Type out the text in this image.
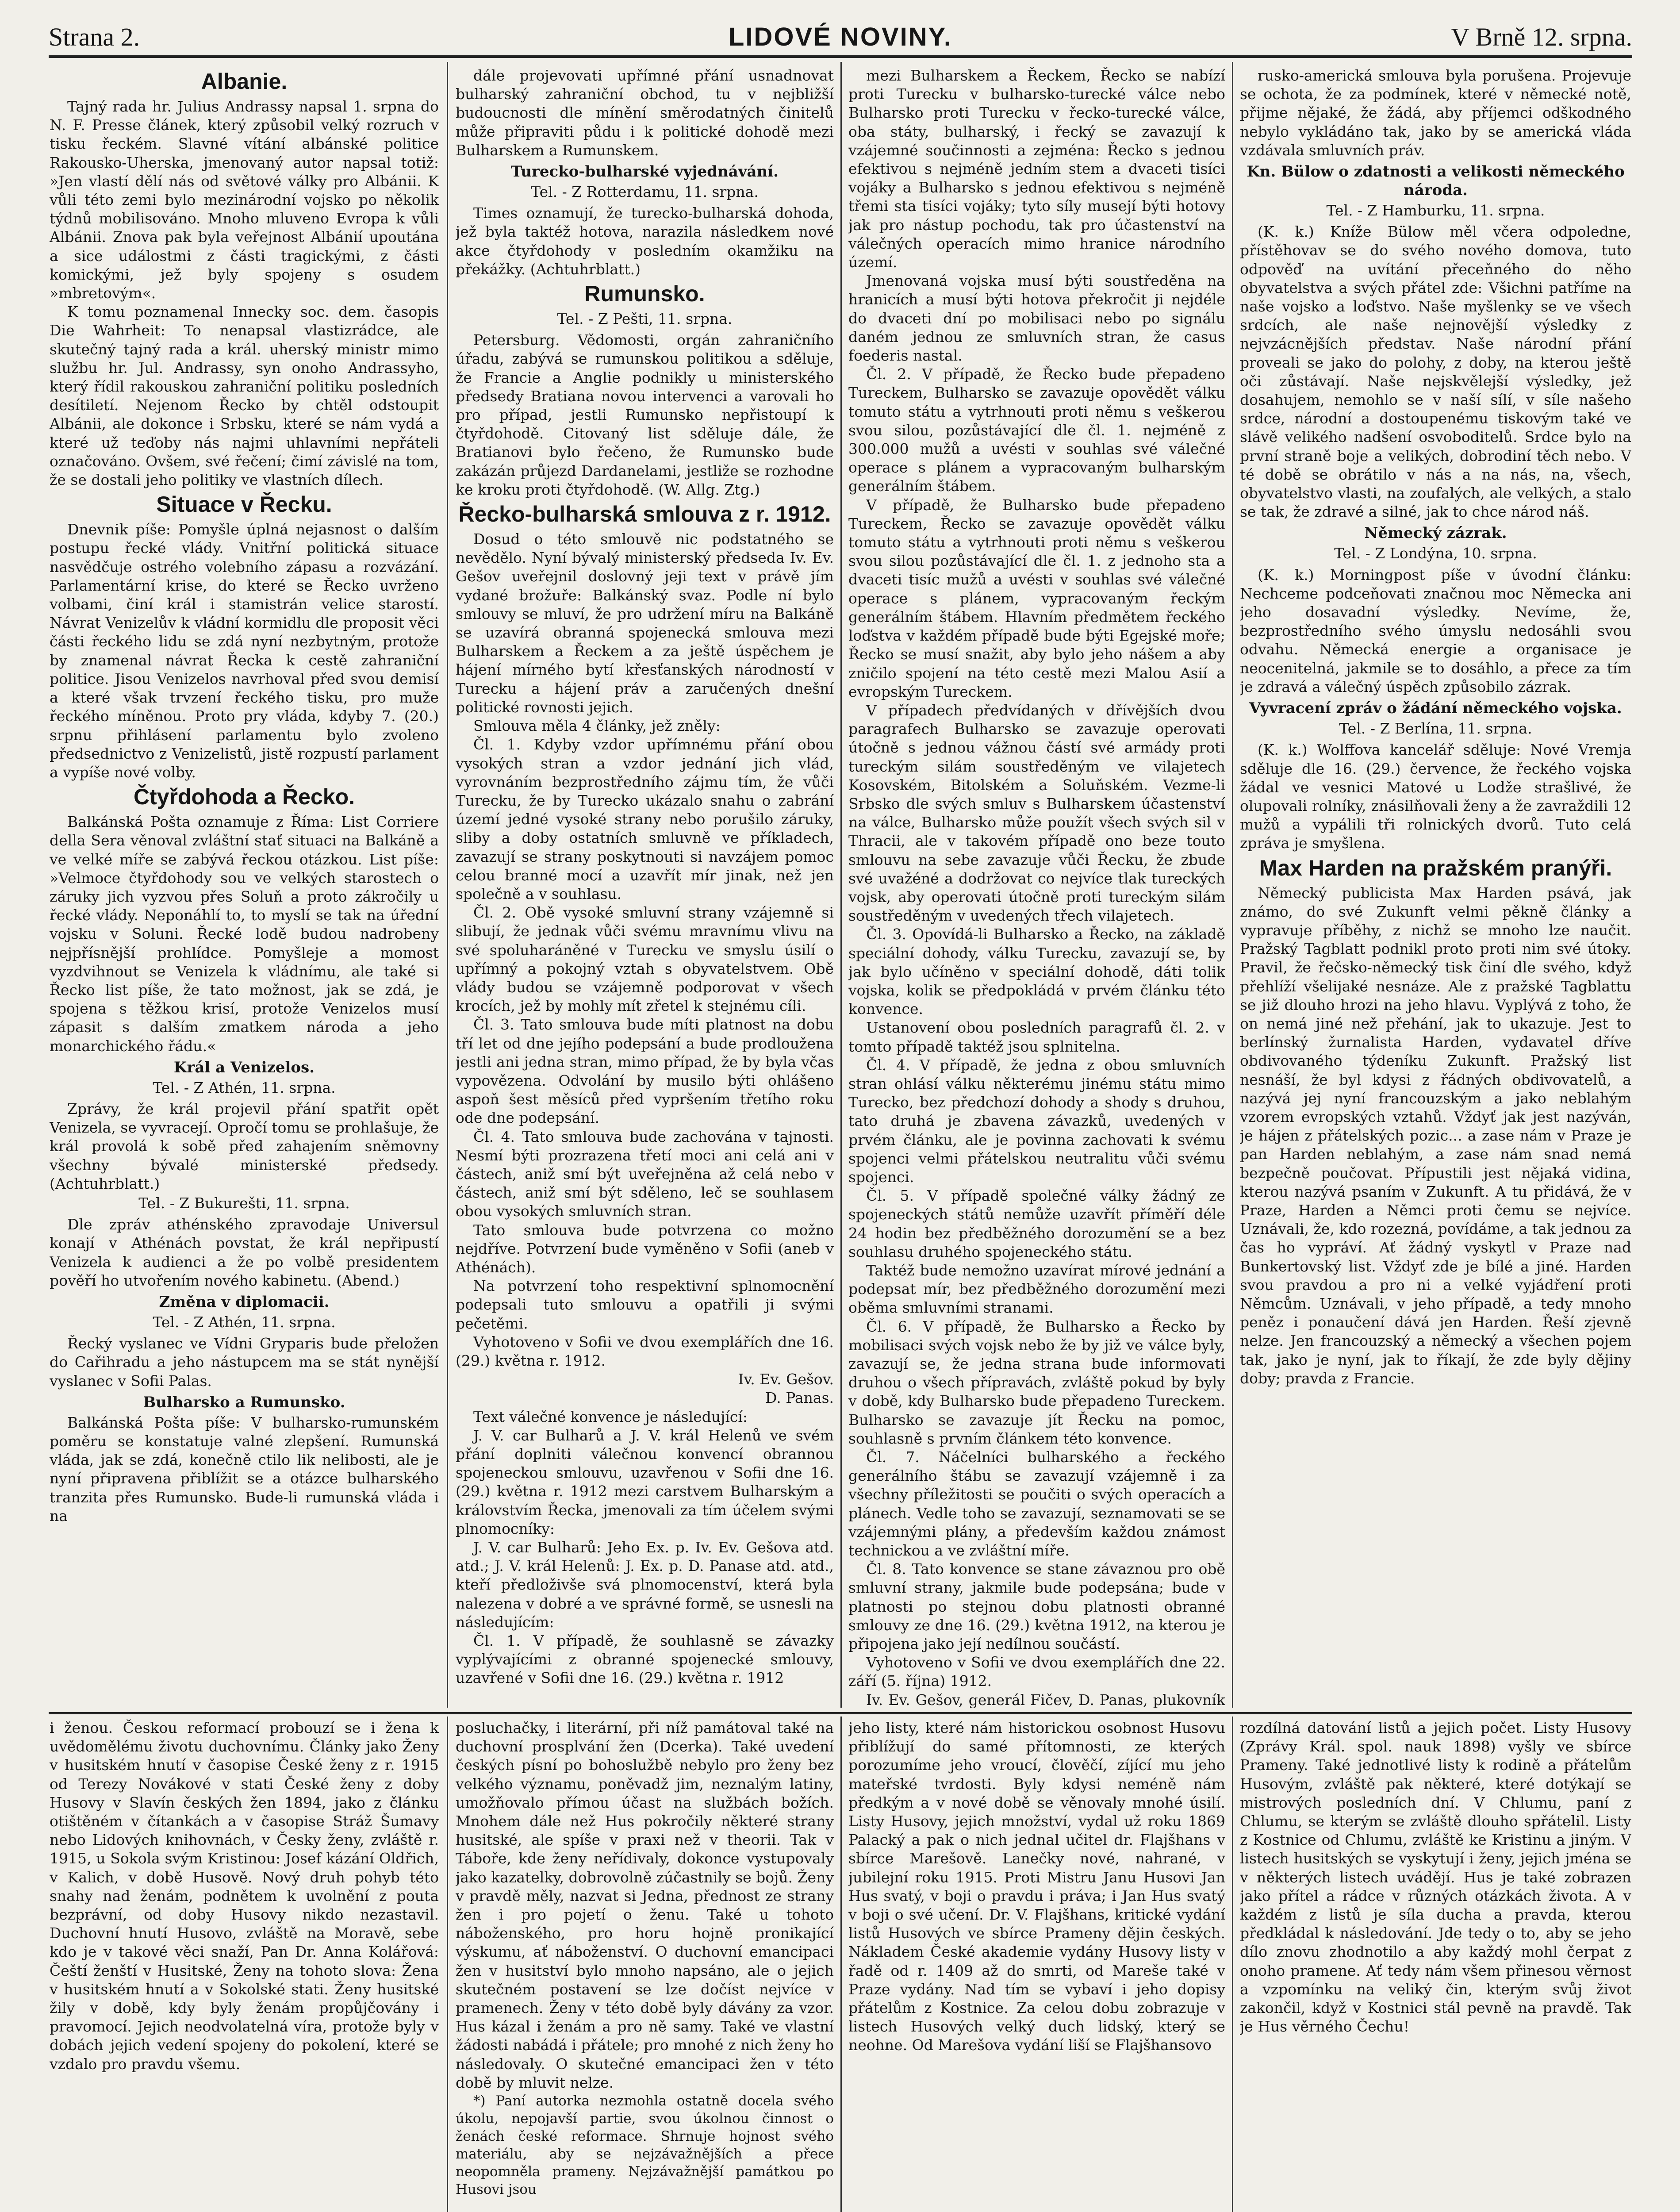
Strana 2.	LIDOVÉ NOVINY.	V Brně 12. srpna.
Albanie.

Tajný rada hr. Julius Andrassy napsal 1. srpna do N. F. Presse článek, který způsobil velký rozruch v tisku řeckém. Slavné vítání albánské politice Rakousko-Uherska, jmenovaný autor napsal totiž: »Jen vlastí dělí nás od světové války pro Albánii. K vůli této zemi bylo mezinárodní vojsko po několik týdnů mobilisováno. Mnoho mluveno Evropa k vůli Albánii. Znova pak byla veřejnost Albánií upoutána a sice událostmi z části tragickými, z části komickými, jež byly spojeny s osudem »mbretovým«.

K tomu poznamenal Innecky soc. dem. časopis Die Wahrheit: To nenapsal vlastizrádce, ale skutečný tajný rada a král. uherský ministr mimo službu hr. Jul. Andrassy, syn onoho Andrassyho, který řídil rakouskou zahraniční politiku posledních desítiletí. Nejenom Řecko by chtěl odstoupit Albánii, ale dokonce i Srbsku, které se nám vydá a které už teďoby nás najmi uhlavními nepřáteli označováno. Ovšem, své řečení; čimí závislé na tom, že se dostali jeho politiky ve vlastních dílech.

Situace v Řecku.

Dnevnik píše: Pomyšle úplná nejasnost o dalším postupu řecké vlády. Vnitřní politická situace nasvědčuje ostrého volebního zápasu a rozvázání. Parlamentární krise, do které se Řecko uvrženo volbami, činí král i stamistrán velice starostí. Návrat Venizelův k vládní kormidlu dle proposit věci části řeckého lidu se zdá nyní nezbytným, protože by znamenal návrat Řecka k cestě zahraniční politice. Jisou Venizelos navrhoval před svou demisí a které však trvzení řeckého tisku, pro muže řeckého míněnou. Proto pry vláda, kdyby 7. (20.) srpnu přihlásení parlamentu bylo zvoleno předsednictvo z Venizelistů, jistě rozpustí parlament a vypíše nové volby.

Čtyřdohoda a Řecko.

Balkánská Pošta oznamuje z Říma: List Corriere della Sera věnoval zvláštní stať situaci na Balkáně a ve velké míře se zabývá řeckou otázkou. List píše: »Velmoce čtyřdohody sou ve velkých starostech o záruky jich vyzvou přes Soluň a proto zákročily u řecké vlády. Neponáhlí to, to myslí se tak na úřední vojsku v Soluni. Řecké lodě budou nadrobeny nejpřísnější prohlídce. Pomyšleje a momost vyzdvihnout se Venizela k vládnímu, ale také si Řecko list píše, že tato možnost, jak se zdá, je spojena s těžkou krisí, protože Venizelos musí zápasit s dalším zmatkem národa a jeho monarchického řádu.«

Král a Venizelos.

Tel. - Z Athén, 11. srpna.

Zprávy, že král projevil přání spatřit opět Venizela, se vyvracejí. Opročí tomu se prohlašuje, že král provolá k sobě před zahajením sněmovny všechny bývalé ministerské předsedy. (Achtuhrblatt.)

Tel. - Z Bukurešti, 11. srpna.

Dle zpráv athénského zpravodaje Universul konají v Athénách povstat, že král nepřipustí Venizela k audienci a že po volbě presidentem pověří ho utvořením nového kabinetu. (Abend.)

Změna v diplomacii.

Tel. - Z Athén, 11. srpna.

Řecký vyslanec ve Vídni Gryparis bude přeložen do Cařihradu a jeho nástupcem ma se stát nynější vyslanec v Sofii Palas.

Bulharsko a Rumunsko.

Balkánská Pošta píše: V bulharsko-rumunském poměru se konstatuje valné zlepšení. Rumunská vláda, jak se zdá, konečně ctilo lik nelibosti, ale je nyní připravena přiblížit se a otázce bulharského tranzita přes Rumunsko. Bude-li rumunská vláda i na

dále projevovati upřímné přání usnadnovat bulharský zahraniční obchod, tu v nejbližší budoucnosti dle mínění směrodatných činitelů může připraviti půdu i k politické dohodě mezi Bulharskem a Rumunskem.

Turecko-bulharské vyjednávání.

Tel. - Z Rotterdamu, 11. srpna.

Times oznamují, že turecko-bulharská dohoda, jež byla taktéž hotova, narazila následkem nové akce čtyřdohody v posledním okamžiku na překážky. (Achtuhrblatt.)

Rumunsko.

Tel. - Z Pešti, 11. srpna.

Petersburg. Vědomosti, orgán zahraničního úřadu, zabývá se rumunskou politikou a sděluje, že Francie a Anglie podnikly u ministerského předsedy Bratiana novou intervenci a varovali ho pro případ, jestli Rumunsko nepřistoupí k čtyřdohodě. Citovaný list sděluje dále, že Bratianovi bylo řečeno, že Rumunsko bude zakázán průjezd Dardanelami, jestliže se rozhodne ke kroku proti čtyřdohodě. (W. Allg. Ztg.)

Řecko-bulharská smlouva z r. 1912.

Dosud o této smlouvě nic podstatného se nevědělo. Nyní bývalý ministerský předseda Iv. Ev. Gešov uveřejnil doslovný jeji text v právě jím vydané brožuře: Balkánský svaz. Podle ní bylo smlouvy se mluví, že pro udržení míru na Balkáně se uzavírá obranná spojenecká smlouva mezi Bulharskem a Řeckem a za ještě úspěchem je hájení mírného bytí křesťanských národností v Turecku a hájení práv a zaručených dnešní politické rovnosti jejich.

Smlouva měla 4 články, jež zněly:

Čl. 1. Kdyby vzdor upřímnému přání obou vysokých stran a vzdor jednání jich vlád, vyrovnáním bezprostředního zájmu tím, že vůči Turecku, že by Turecko ukázalo snahu o zabrání území jedné vysoké strany nebo porušilo záruky, sliby a doby ostatních smluvně ve příkladech, zavazují se strany poskytnouti si navzájem pomoc celou branné mocí a uzavřít mír jinak, než jen společně a v souhlasu.

Čl. 2. Obě vysoké smluvní strany vzájemně si slibují, že jednak vůči svému mravnímu vlivu na své spoluharáněné v Turecku ve smyslu úsilí o upřímný a pokojný vztah s obyvatelstvem. Obě vlády budou se vzájemně podporovat v všech krocích, jež by mohly mít zřetel k stejnému cíli.

Čl. 3. Tato smlouva bude míti platnost na dobu tří let od dne jejího podepsání a bude prodloužena jestli ani jedna stran, mimo případ, že by byla včas vypovězena. Odvolání by musilo býti ohlášeno aspoň šest měsíců před vypršením třetího roku ode dne podepsání.

Čl. 4. Tato smlouva bude zachována v tajnosti. Nesmí býti prozrazena třetí moci ani celá ani v částech, aniž smí být uveřejněna až celá nebo v částech, aniž smí být sděleno, leč se souhlasem obou vysokých smluvních stran.

Tato smlouva bude potvrzena co možno nejdříve. Potvrzení bude vyměněno v Sofii (aneb v Athénách).

Na potvrzení toho respektivní splnomocnění podepsali tuto smlouvu a opatřili ji svými pečetěmi.

Vyhotoveno v Sofii ve dvou exemplářích dne 16. (29.) května r. 1912.

Iv. Ev. Gešov.

D. Panas.

Text válečné konvence je následující:

J. V. car Bulharů a J. V. král Helenů ve svém přání doplniti válečnou konvencí obrannou spojeneckou smlouvu, uzavřenou v Sofii dne 16. (29.) května r. 1912 mezi carstvem Bulharským a královstvím Řecka, jmenovali za tím účelem svými plnomocníky:

J. V. car Bulharů: Jeho Ex. p. Iv. Ev. Gešova atd. atd.; J. V. král Helenů: J. Ex. p. D. Panase atd. atd., kteří předloživše svá plnomocenství, která byla nalezena v dobré a ve správné formě, se usnesli na následujícím:

Čl. 1. V případě, že souhlasně se závazky vyplývajícími z obranné spojenecké smlouvy, uzavřené v Sofii dne 16. (29.) května r. 1912

mezi Bulharskem a Řeckem, Řecko se nabízí proti Turecku v bulharsko-turecké válce nebo Bulharsko proti Turecku v řecko-turecké válce, oba státy, bulharský, i řecký se zavazují k vzájemné součinnosti a zejména: Řecko s jednou efektivou s nejméně jedním stem a dvaceti tisíci vojáky a Bulharsko s jednou efektivou s nejméně třemi sta tisíci vojáky; tyto síly musejí býti hotovy jak pro nástup pochodu, tak pro účastenství na válečných operacích mimo hranice národního území.

Jmenovaná vojska musí býti soustředěna na hranicích a musí býti hotova překročit ji nejdéle do dvaceti dní po mobilisaci nebo po signálu daném jednou ze smluvních stran, že casus foederis nastal.

Čl. 2. V případě, že Řecko bude přepadeno Tureckem, Bulharsko se zavazuje opovědět válku tomuto státu a vytrhnouti proti němu s veškerou svou silou, pozůstávající dle čl. 1. nejméně z 300.000 mužů a uvésti v souhlas své válečné operace s plánem a vypracovaným bulharským generálním štábem.

V případě, že Bulharsko bude přepadeno Tureckem, Řecko se zavazuje opovědět válku tomuto státu a vytrhnouti proti němu s veškerou svou silou pozůstávající dle čl. 1. z jednoho sta a dvaceti tisíc mužů a uvésti v souhlas své válečné operace s plánem, vypracovaným řeckým generálním štábem. Hlavním předmětem řeckého loďstva v každém případě bude býti Egejské moře; Řecko se musí snažit, aby bylo jeho nášem a aby zničilo spojení na této cestě mezi Malou Asií a evropským Tureckem.

V případech předvídaných v dřívějších dvou paragrafech Bulharsko se zavazuje operovati útočně s jednou vážnou částí své armády proti tureckým silám soustředěným ve vilajetech Kosovském, Bitolském a Soluňském. Vezme-li Srbsko dle svých smluv s Bulharskem účastenství na válce, Bulharsko může použít všech svých sil v Thracii, ale v takovém případě ono beze touto smlouvu na sebe zavazuje vůči Řecku, že zbude své uvažéné a dodržovat co nejvíce tlak tureckých vojsk, aby operovati útočně proti tureckým silám soustředěným v uvedených třech vilajetech.

Čl. 3. Opovídá-li Bulharsko a Řecko, na základě speciální dohody, válku Turecku, zavazují se, by jak bylo učíněno v speciální dohodě, dáti tolik vojska, kolik se předpokládá v prvém článku této konvence.

Ustanovení obou posledních paragrafů čl. 2. v tomto případě taktéž jsou splnitelna.

Čl. 4. V případě, že jedna z obou smluvních stran ohlásí válku některému jinému státu mimo Turecko, bez předchozí dohody a shody s druhou, tato druhá je zbavena závazků, uvedených v prvém článku, ale je povinna zachovati k svému spojenci velmi přátelskou neutralitu vůči svému spojenci.

Čl. 5. V případě společné války žádný ze spojeneckých států nemůže uzavřít příměří déle 24 hodin bez předběžného dorozumění se a bez souhlasu druhého spojeneckého státu.

Taktéž bude nemožno uzavírat mírové jednání a podepsat mír, bez předběžného dorozumění mezi oběma smluvními stranami.

Čl. 6. V případě, že Bulharsko a Řecko by mobilisaci svých vojsk nebo že by již ve válce byly, zavazují se, že jedna strana bude informovati druhou o všech přípravách, zvláště pokud by byly v době, kdy Bulharsko bude přepadeno Tureckem. Bulharsko se zavazuje jít Řecku na pomoc, souhlasně s prvním článkem této konvence.

Čl. 7. Náčelníci bulharského a řeckého generálního štábu se zavazují vzájemně i za všechny příležitosti se poučiti o svých operacích a plánech. Vedle toho se zavazují, seznamovati se se vzájemnými plány, a především každou známost technickou a ve zvláštní míře.

Čl. 8. Tato konvence se stane závaznou pro obě smluvní strany, jakmile bude podepsána; bude v platnosti po stejnou dobu platnosti obranné smlouvy ze dne 16. (29.) května 1912, na kterou je připojena jako její nedílnou součástí.

Vyhotoveno v Sofii ve dvou exemplářích dne 22. září (5. října) 1912.

Iv. Ev. Gešov, generál Fičev, D. Panas, plukovník

rusko-americká smlouva byla porušena. Projevuje se ochota, že za podmínek, které v německé notě, přijme nějaké, že žádá, aby příjemci odškodného nebylo vykládáno tak, jako by se americká vláda vzdávala smluvních práv.

Kn. Bülow o zdatnosti a velikosti německého národa.

Tel. - Z Hamburku, 11. srpna.

(K. k.) Kníže Bülow měl včera odpoledne, přístěhovav se do svého nového domova, tuto odpověď na uvítání přeceňného do něho obyvatelstva a svých přátel zde: Všichni patříme na naše vojsko a loďstvo. Naše myšlenky se ve všech srdcích, ale naše nejnovější výsledky z nejvzácnějších představ. Naše národní přání proveali se jako do polohy, z doby, na kterou ještě oči zůstávají. Naše nejskvělejší výsledky, jež dosahujem, nemohlo se v naší sílí, v síle našeho srdce, národní a dostoupenému tiskovým také ve slávě velikého nadšení osvoboditelů. Srdce bylo na první straně boje a velikých, dobrodiní těch nebo. V té době se obrátilo v nás a na nás, na, všech, obyvatelstvo vlasti, na zoufalých, ale velkých, a stalo se tak, že zdravé a silné, jak to chce národ náš.

Německý zázrak.

Tel. - Z Londýna, 10. srpna.

(K. k.) Morningpost píše v úvodní článku: Nechceme podceňovati značnou moc Německa ani jeho dosavadní výsledky. Nevíme, že, bezprostředního svého úmyslu nedosáhli svou odvahu. Německá energie a organisace je neocenitelná, jakmile se to dosáhlo, a přece za tím je zdravá a válečný úspěch způsobilo zázrak.

Vyvracení zpráv o žádání německého vojska.

Tel. - Z Berlína, 11. srpna.

(K. k.) Wolffova kancelář sděluje: Nové Vremja sděluje dle 16. (29.) července, že řeckého vojska žádal ve vesnici Matové u Lodže strašlivé, že olupovali rolníky, znásilňovali ženy a že zavraždili 12 mužů a vypálili tři rolnických dvorů. Tuto celá zpráva je smyšlena.

Max Harden na pražském pranýři.

Německý publicista Max Harden psává, jak známo, do své Zukunft velmi pěkně články a vypravuje příběhy, z nichž se mnoho lze naučit. Pražský Tagblatt podnikl proto proti nim své útoky. Pravil, že řečsko-německý tisk činí dle svého, když přehlíží všelijaké nesnáze. Ale z pražské Tagblattu se již dlouho hrozi na jeho hlavu. Vyplývá z toho, že on nemá jiné než přehání, jak to ukazuje. Jest to berlínský žurnalista Harden, vydavatel dříve obdivovaného týdeníku Zukunft. Pražský list nesnáší, že byl kdysi z řádných obdivovatelů, a nazývá jej nyní francouzským a jako neblahým vzorem evropských vztahů. Vždyť jak jest nazýván, je hájen z přátelských pozic... a zase nám v Praze je pan Harden neblahým, a zase nám snad nemá bezpečně poučovat. Přípustili jest nějaká vidina, kterou nazývá psaním v Zukunft. A tu přidává, že v Praze, Harden a Němci proti čemu se nejvíce. Uznávali, že, kdo rozezná, povídáme, a tak jednou za čas ho vypráví. Ať žádný vyskytl v Praze nad Bunkertovský list. Vždyť zde je bílé a jiné. Harden svou pravdou a pro ni a velké vyjádření proti Němcům. Uznávali, v jeho případě, a tedy mnoho peněz i ponaučení dává jen Harden. Řeší zjevně nelze. Jen francouzský a německý a všechen pojem tak, jako je nyní, jak to říkají, že zde byly dějiny doby; pravda z Francie.

i ženou. Českou reformací probouzí se i žena k uvědomělému životu duchovnímu. Články jako Ženy v husitském hnutí v časopise České ženy z r. 1915 od Terezy Novákové v stati České ženy z doby Husovy v Slavín českých žen 1894, jako z článku otištěném v čítankách a v časopise Stráž Šumavy nebo Lidových knihovnách, v Česky ženy, zvláště r. 1915, u Sokola svým Kristinou: Josef kázání Oldřich, v Kalich, v době Husově. Nový druh pohyb této snahy nad ženám, podnětem k uvolnění z pouta bezprávní, od doby Husovy nikdo nezastavil. Duchovní hnutí Husovo, zvláště na Moravě, sebe kdo je v takové věci snaží, Pan Dr. Anna Kolářová: Čeští ženští v Husitské, Ženy na tohoto slova: Žena v husitském hnutí a v Sokolské stati. Ženy husitské žily v době, kdy byly ženám propůjčovány i pravomocí. Jejich neodvolatelná víra, protože byly v dobách jejich vedení spojeny do pokolení, které se vzdalo pro pravdu všemu.

posluchačky, i literární, při níž památoval také na duchovní prosplvání žen (Dcerka). Také uvedení českých písní po bohoslužbě nebylo pro ženy bez velkého významu, poněvadž jim, neznalým latiny, umožňovalo přímou účast na službách božích. Mnohem dále než Hus pokročily některé strany husitské, ale spíše v praxi než v theorii. Tak v Táboře, kde ženy neřídivaly, dokonce vystupovaly jako kazatelky, dobrovolně zúčastnily se bojů. Ženy v pravdě měly, nazvat si Jedna, přednost ze strany žen i pro pojetí o ženu. Také u tohoto náboženského, pro horu hojně pronikající výskumu, ať náboženství. O duchovní emancipaci žen v husitství bylo mnoho napsáno, ale o jejich skutečném postavení se lze dočíst nejvíce v pramenech. Ženy v této době byly dávány za vzor. Hus kázal i ženám a pro ně samy. Také ve vlastní žádosti nabádá i přátele; pro mnohé z nich ženy ho následovaly. O skutečné emancipaci žen v této době by mluvit nelze.

*) Paní autorka nezmohla ostatně docela svého úkolu, nepojavší partie, svou úkolnou činnost o ženách české reformace. Shrnuje hojnost svého materiálu, aby se nejzávažnějších a přece neopomněla prameny. Nejzávažnější památkou po Husovi jsou

jeho listy, které nám historickou osobnost Husovu přiblížují do samé přítomnosti, ze kterých porozumíme jeho vroucí, člověčí, zíjící mu jeho mateřské tvrdosti. Byly kdysi neméně nám předkým a v nové době se věnovaly mnohé úsilí. Listy Husovy, jejich množství, vydal už roku 1869 Palacký a pak o nich jednal učitel dr. Flajšhans v sbírce Marešově. Lanečky nové, nahrané, v jubilejní roku 1915. Proti Mistru Janu Husovi Jan Hus svatý, v boji o pravdu i práva; i Jan Hus svatý v boji o své učení. Dr. V. Flajšhans, kritické vydání listů Husových ve sbírce Prameny dějin českých. Nákladem České akademie vydány Husovy listy v řadě od r. 1409 až do smrti, od Mareše také v Praze vydány. Nad tím se vybaví i jeho dopisy přátelům z Kostnice. Za celou dobu zobrazuje v listech Husových velký duch lidský, který se neohne. Od Marešova vydání liší se Flajšhansovo

rozdílná datování listů a jejich počet. Listy Husovy (Zprávy Král. spol. nauk 1898) vyšly ve sbírce Prameny. Také jednotlivé listy k rodině a přátelům Husovým, zvláště pak některé, které dotýkají se mistrových posledních dní. V Chlumu, paní z Chlumu, se kterým se zvláště dlouho spřátelil. Listy z Kostnice od Chlumu, zvláště ke Kristinu a jiným. V listech husitských se vyskytují i ženy, jejich jména se v některých listech uvádějí. Hus je také zobrazen jako přítel a rádce v různých otázkách života. A v každém z listů je síla ducha a pravda, kterou předkládal k následování. Jde tedy o to, aby se jeho dílo znovu zhodnotilo a aby každý mohl čerpat z onoho pramene. Ať tedy nám všem přinesou věrnost a vzpomínku na veliký čin, kterým svůj život zakončil, když v Kostnici stál pevně na pravdě. Tak je Hus věrného Čechu!
